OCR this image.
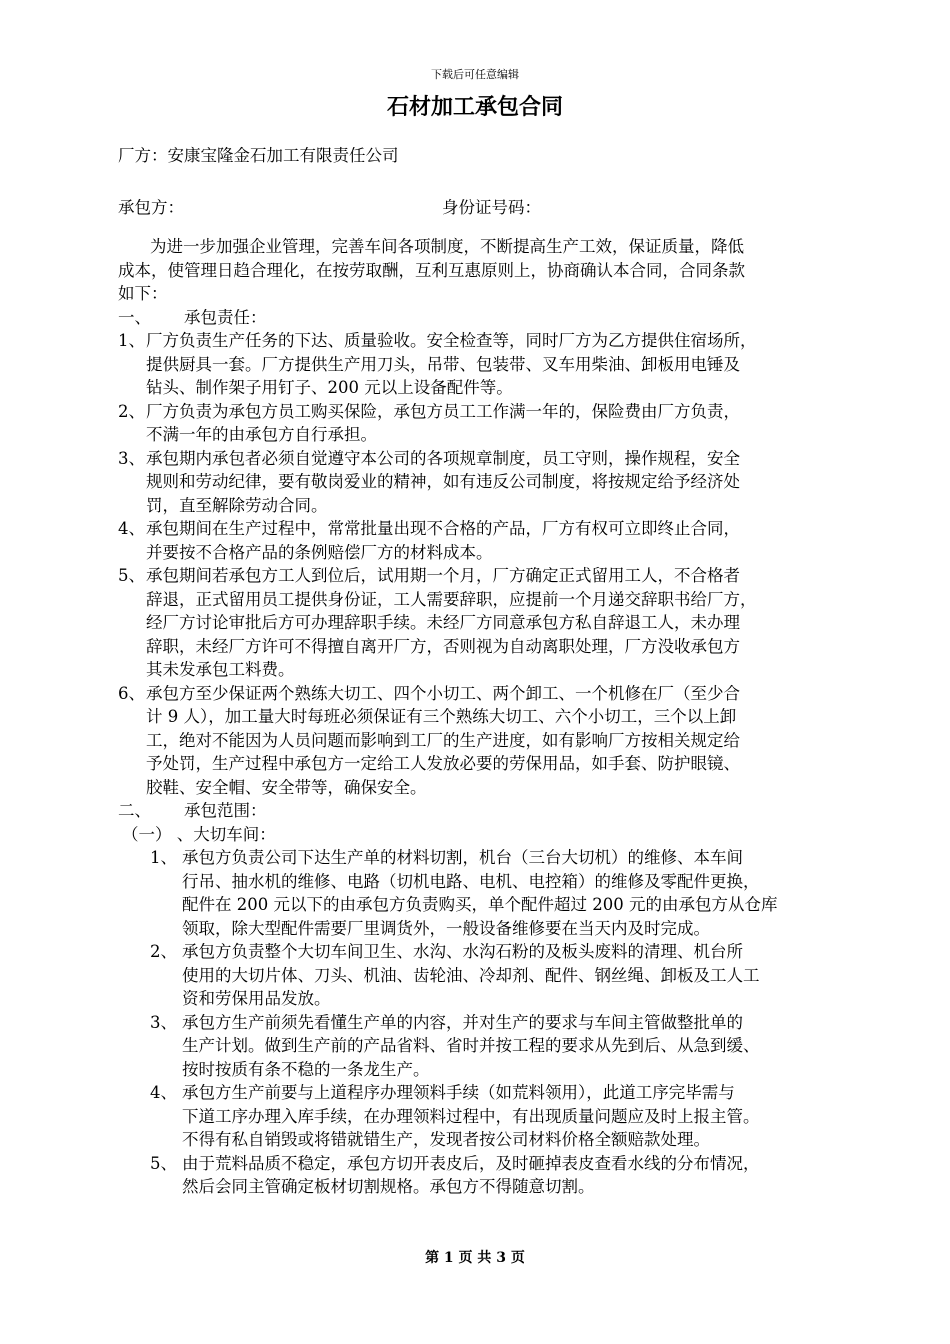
下载后可任意编辑
石材加工承包合同
厂方：安康宝隆金石加工有限责任公司
承包方：	身份证号码：
为进一步加强企业管理，完善车间各项制度，不断提高生产工效，保证质量，降低
成本，使管理日趋合理化，在按劳取酬，互利互惠原则上，协商确认本合同，合同条款
如下：
一、	承包责任：
1、 厂方负责生产任务的下达、质量验收。安全检查等，同时厂方为乙方提供住宿场所，
提供厨具一套。厂方提供生产用刀头，吊带、包装带、叉车用柴油、卸板用电锤及
钻头、制作架子用钉子、200 元以上设备配件等。
2、 厂方负责为承包方员工购买保险，承包方员工工作满一年的，保险费由厂方负责，
不满一年的由承包方自行承担。
3、 承包期内承包者必须自觉遵守本公司的各项规章制度，员工守则，操作规程，安全
规则和劳动纪律，要有敬岗爱业的精神，如有违反公司制度，将按规定给予经济处
罚，直至解除劳动合同。
4、 承包期间在生产过程中，常常批量出现不合格的产品，厂方有权可立即终止合同，
并要按不合格产品的条例赔偿厂方的材料成本。
5、 承包期间若承包方工人到位后，试用期一个月，厂方确定正式留用工人，不合格者
辞退，正式留用员工提供身份证，工人需要辞职，应提前一个月递交辞职书给厂方，
经厂方讨论审批后方可办理辞职手续。未经厂方同意承包方私自辞退工人，未办理
辞职，未经厂方许可不得擅自离开厂方，否则视为自动离职处理，厂方没收承包方
其未发承包工料费。
6、 承包方至少保证两个熟练大切工、四个小切工、两个卸工、一个机修在厂（至少合
计 9 人），加工量大时每班必须保证有三个熟练大切工、六个小切工，三个以上卸
工，绝对不能因为人员问题而影响到工厂的生产进度，如有影响厂方按相关规定给
予处罚，生产过程中承包方一定给工人发放必要的劳保用品，如手套、防护眼镜、
胶鞋、安全帽、安全带等，确保安全。
二、	承包范围：
（一） 、大切车间：
1、 承包方负责公司下达生产单的材料切割，机台（三台大切机）的维修、本车间
行吊、抽水机的维修、电路（切机电路、电机、电控箱）的维修及零配件更换，
配件在 200 元以下的由承包方负责购买，单个配件超过 200 元的由承包方从仓库
领取，除大型配件需要厂里调货外，一般设备维修要在当天内及时完成。
2、 承包方负责整个大切车间卫生、水沟、水沟石粉的及板头废料的清理、机台所
使用的大切片体、刀头、机油、齿轮油、冷却剂、配件、钢丝绳、卸板及工人工
资和劳保用品发放。
3、 承包方生产前须先看懂生产单的内容，并对生产的要求与车间主管做整批单的
生产计划。做到生产前的产品省料、省时并按工程的要求从先到后、从急到缓、
按时按质有条不稳的一条龙生产。
4、 承包方生产前要与上道程序办理领料手续（如荒料领用），此道工序完毕需与
下道工序办理入库手续，在办理领料过程中，有出现质量问题应及时上报主管。
不得有私自销毁或将错就错生产，发现者按公司材料价格全额赔款处理。
5、 由于荒料品质不稳定，承包方切开表皮后，及时砸掉表皮查看水线的分布情况，
然后会同主管确定板材切割规格。承包方不得随意切割。
第 1 页 共 3 页
